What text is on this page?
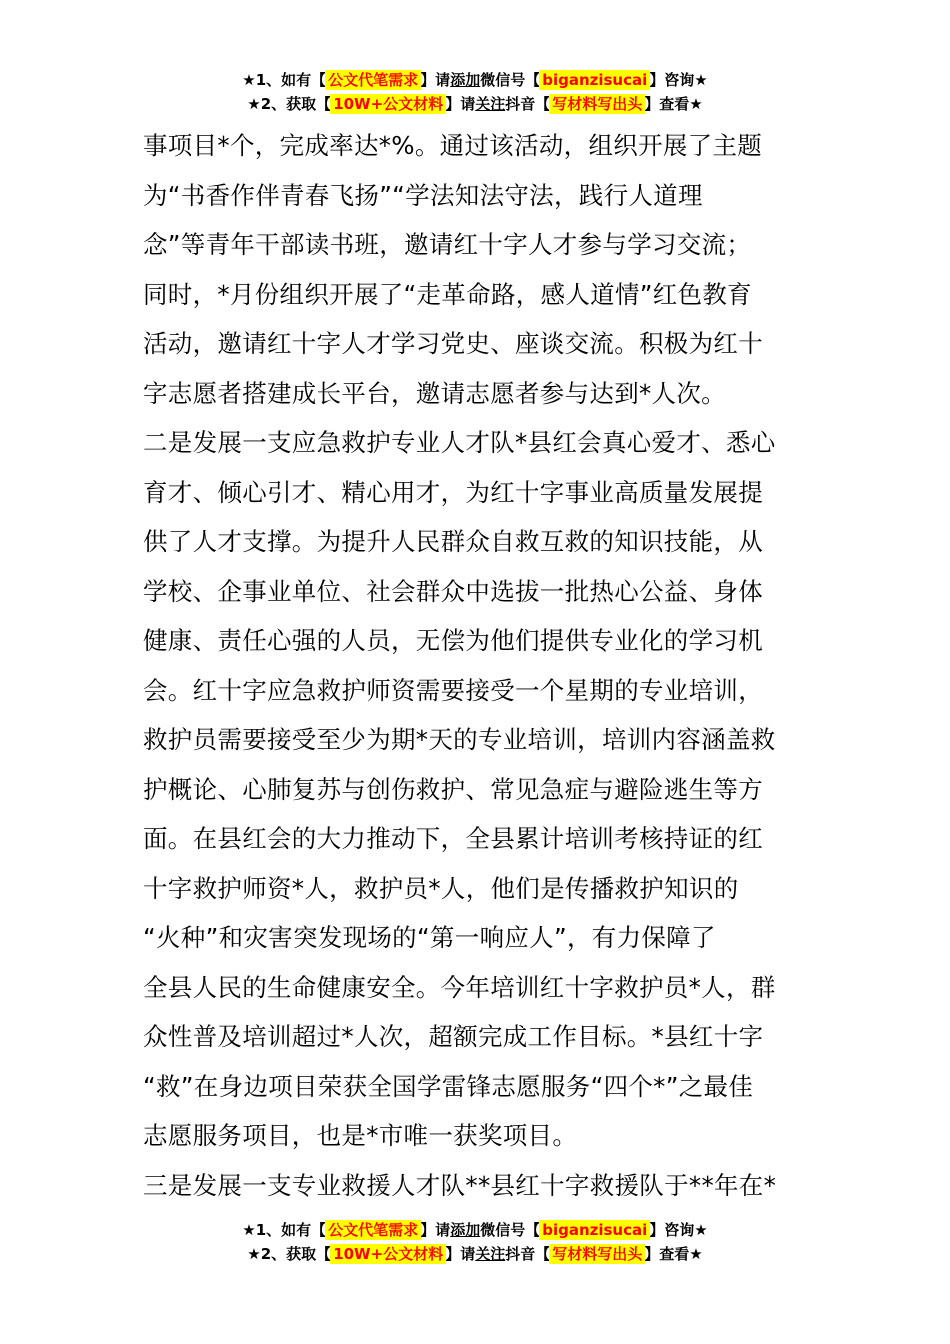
★1、如有【 公文代笔需求 】请添加微信号【 biganzisucai 】咨询★
★2、获取【 10W+公文材料 】请关注抖音【 写材料写出头 】查看★
事项目*个，完成率达*%。通过该活动，组织开展了主题
为“书香作伴青春飞扬”“学法知法守法，践行人道理
念”等青年干部读书班，邀请红十字人才参与学习交流；
同时，*月份组织开展了“走革命路，感人道情”红色教育
活动，邀请红十字人才学习党史、座谈交流。积极为红十
字志愿者搭建成长平台，邀请志愿者参与达到*人次。
二是发展一支应急救护专业人才队*县红会真心爱才、悉心
育才、倾心引才、精心用才，为红十字事业高质量发展提
供了人才支撑。为提升人民群众自救互救的知识技能，从
学校、企事业单位、社会群众中选拔一批热心公益、身体
健康、责任心强的人员，无偿为他们提供专业化的学习机
会。红十字应急救护师资需要接受一个星期的专业培训，
救护员需要接受至少为期*天的专业培训，培训内容涵盖救
护概论、心肺复苏与创伤救护、常见急症与避险逃生等方
面。在县红会的大力推动下，全县累计培训考核持证的红
十字救护师资*人，救护员*人，他们是传播救护知识的
“火种”和灾害突发现场的“第一响应人”，有力保障了
全县人民的生命健康安全。今年培训红十字救护员*人，群
众性普及培训超过*人次，超额完成工作目标。*县红十字
“救”在身边项目荣获全国学雷锋志愿服务“四个*”之最佳
志愿服务项目，也是*市唯一获奖项目。
三是发展一支专业救援人才队**县红十字救援队于**年在*
★1、如有【 公文代笔需求 】请添加微信号【 biganzisucai 】咨询★
★2、获取【 10W+公文材料 】请关注抖音【 写材料写出头 】查看★
